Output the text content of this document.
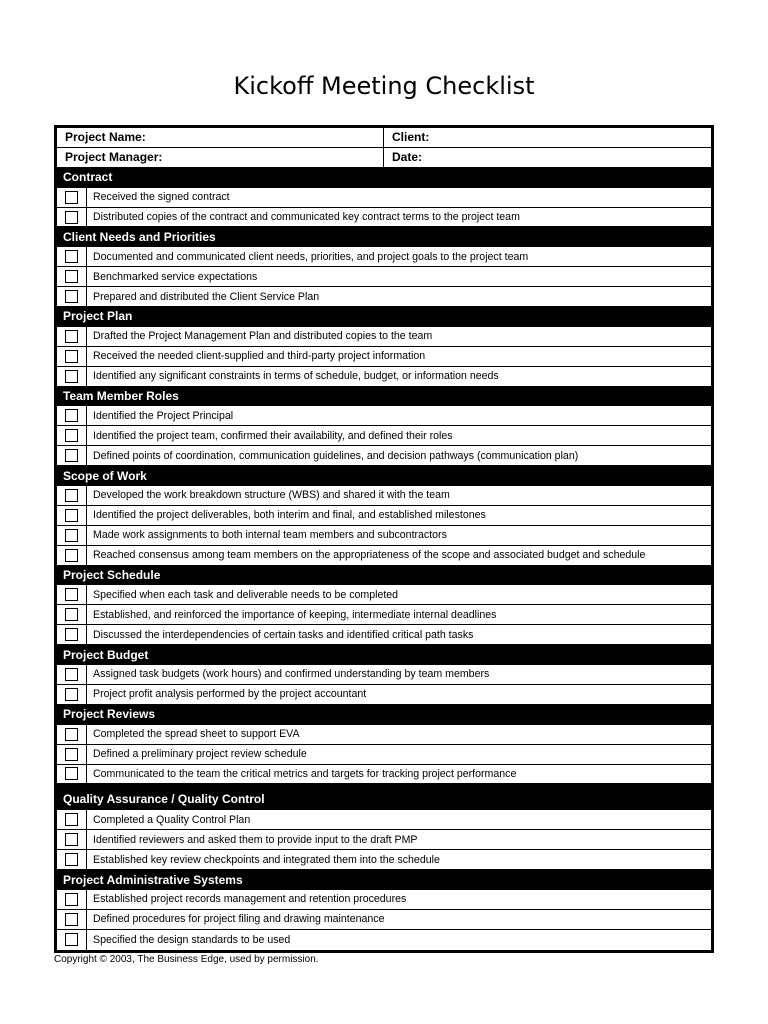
Kickoff Meeting Checklist
Project Name:	Client:
Project Manager:	Date:
Contract
Received the signed contract
Distributed copies of the contract and communicated key contract terms to the project team
Client Needs and Priorities
Documented and communicated client needs, priorities, and project goals to the project team
Benchmarked service expectations
Prepared and distributed the Client Service Plan
Project Plan
Drafted the Project Management Plan and distributed copies to the team
Received the needed client-supplied and third-party project information
Identified any significant constraints in terms of schedule, budget, or information needs
Team Member Roles
Identified the Project Principal
Identified the project team, confirmed their availability, and defined their roles
Defined points of coordination, communication guidelines, and decision pathways (communication plan)
Scope of Work
Developed the work breakdown structure (WBS) and shared it with the team
Identified the project deliverables, both interim and final, and established milestones
Made work assignments to both internal team members and subcontractors
Reached consensus among team members on the appropriateness of the scope and associated budget and schedule
Project Schedule
Specified when each task and deliverable needs to be completed
Established, and reinforced the importance of keeping, intermediate internal deadlines
Discussed the interdependencies of certain tasks and identified critical path tasks
Project Budget
Assigned task budgets (work hours) and confirmed understanding by team members
Project profit analysis performed by the project accountant
Project Reviews
Completed the spread sheet to support EVA
Defined a preliminary project review schedule
Communicated to the team the critical metrics and targets for tracking project performance
Quality Assurance / Quality Control
Completed a Quality Control Plan
Identified reviewers and asked them to provide input to the draft PMP
Established key review checkpoints and integrated them into the schedule
Project Administrative Systems
Established project records management and retention procedures
Defined procedures for project filing and drawing maintenance
Specified the design standards to be used
Copyright © 2003, The Business Edge, used by permission.
